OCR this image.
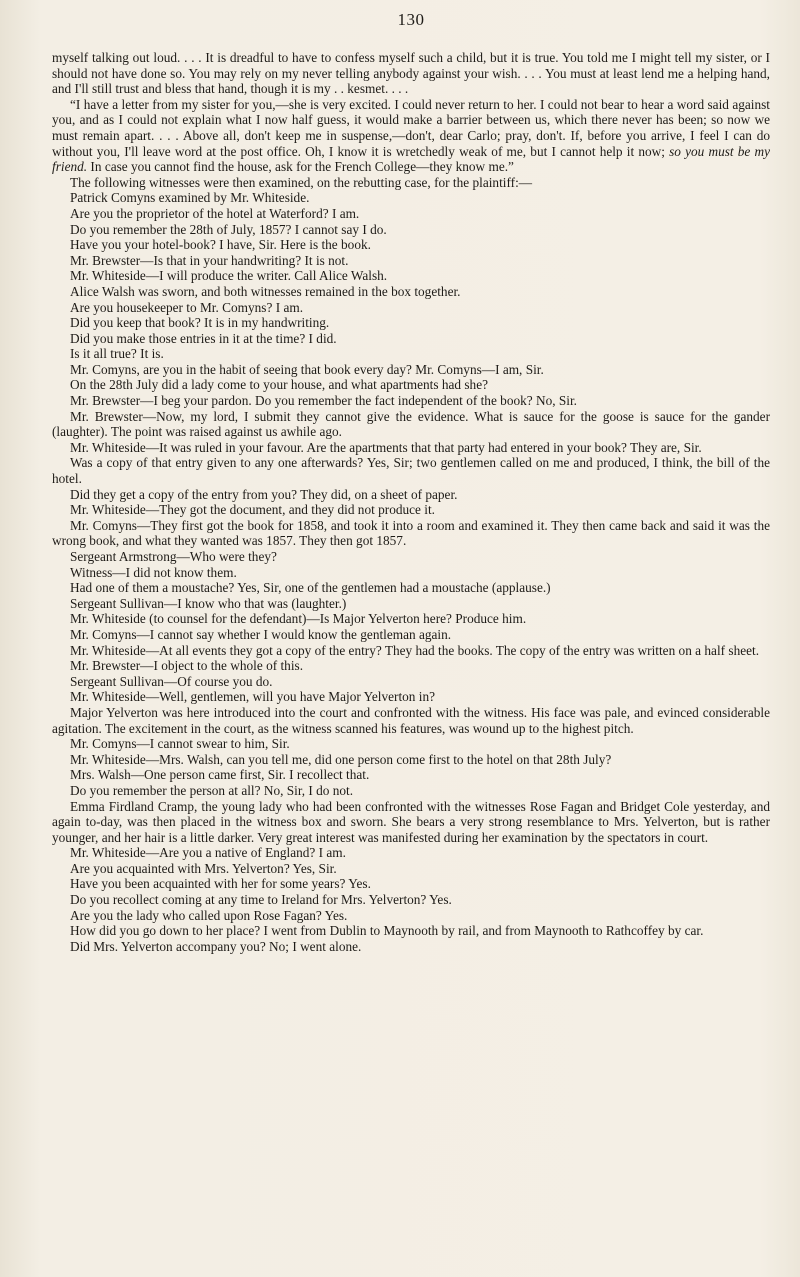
130

myself talking out loud. . . . It is dreadful to have to confess myself such a child, but it is true. You told me I might tell my sister, or I should not have done so. You may rely on my never telling anybody against your wish. . . . You must at least lend me a helping hand, and I'll still trust and bless that hand, though it is my . . kesmet. . . .

“I have a letter from my sister for you,—she is very excited. I could never return to her. I could not bear to hear a word said against you, and as I could not explain what I now half guess, it would make a barrier between us, which there never has been; so now we must remain apart. . . . Above all, don't keep me in suspense,—don't, dear Carlo; pray, don't. If, before you arrive, I feel I can do without you, I'll leave word at the post office. Oh, I know it is wretchedly weak of me, but I cannot help it now; so you must be my friend. In case you cannot find the house, ask for the French College—they know me.”

The following witnesses were then examined, on the rebutting case, for the plaintiff:—

Patrick Comyns examined by Mr. Whiteside.

Are you the proprietor of the hotel at Waterford? I am.

Do you remember the 28th of July, 1857? I cannot say I do.

Have you your hotel-book? I have, Sir. Here is the book.

Mr. Brewster—Is that in your handwriting? It is not.

Mr. Whiteside—I will produce the writer. Call Alice Walsh.

Alice Walsh was sworn, and both witnesses remained in the box together.

Are you housekeeper to Mr. Comyns? I am.

Did you keep that book? It is in my handwriting.

Did you make those entries in it at the time? I did.

Is it all true? It is.

Mr. Comyns, are you in the habit of seeing that book every day? Mr. Comyns—I am, Sir.

On the 28th July did a lady come to your house, and what apartments had she?

Mr. Brewster—I beg your pardon. Do you remember the fact independent of the book? No, Sir.

Mr. Brewster—Now, my lord, I submit they cannot give the evidence. What is sauce for the goose is sauce for the gander (laughter). The point was raised against us awhile ago.

Mr. Whiteside—It was ruled in your favour. Are the apartments that that party had entered in your book? They are, Sir.

Was a copy of that entry given to any one afterwards? Yes, Sir; two gentlemen called on me and produced, I think, the bill of the hotel.

Did they get a copy of the entry from you? They did, on a sheet of paper.

Mr. Whiteside—They got the document, and they did not produce it.

Mr. Comyns—They first got the book for 1858, and took it into a room and examined it. They then came back and said it was the wrong book, and what they wanted was 1857. They then got 1857.

Sergeant Armstrong—Who were they?

Witness—I did not know them.

Had one of them a moustache? Yes, Sir, one of the gentlemen had a moustache (applause.)

Sergeant Sullivan—I know who that was (laughter.)

Mr. Whiteside (to counsel for the defendant)—Is Major Yelverton here? Produce him.

Mr. Comyns—I cannot say whether I would know the gentleman again.

Mr. Whiteside—At all events they got a copy of the entry? They had the books. The copy of the entry was written on a half sheet.

Mr. Brewster—I object to the whole of this.

Sergeant Sullivan—Of course you do.

Mr. Whiteside—Well, gentlemen, will you have Major Yelverton in?

Major Yelverton was here introduced into the court and confronted with the witness. His face was pale, and evinced considerable agitation. The excitement in the court, as the witness scanned his features, was wound up to the highest pitch.

Mr. Comyns—I cannot swear to him, Sir.

Mr. Whiteside—Mrs. Walsh, can you tell me, did one person come first to the hotel on that 28th July?

Mrs. Walsh—One person came first, Sir. I recollect that.

Do you remember the person at all? No, Sir, I do not.

Emma Firdland Cramp, the young lady who had been confronted with the witnesses Rose Fagan and Bridget Cole yesterday, and again to-day, was then placed in the witness box and sworn. She bears a very strong resemblance to Mrs. Yelverton, but is rather younger, and her hair is a little darker. Very great interest was manifested during her examination by the spectators in court.

Mr. Whiteside—Are you a native of England? I am.

Are you acquainted with Mrs. Yelverton? Yes, Sir.

Have you been acquainted with her for some years? Yes.

Do you recollect coming at any time to Ireland for Mrs. Yelverton? Yes.

Are you the lady who called upon Rose Fagan? Yes.

How did you go down to her place? I went from Dublin to Maynooth by rail, and from Maynooth to Rathcoffey by car.

Did Mrs. Yelverton accompany you? No; I went alone.
